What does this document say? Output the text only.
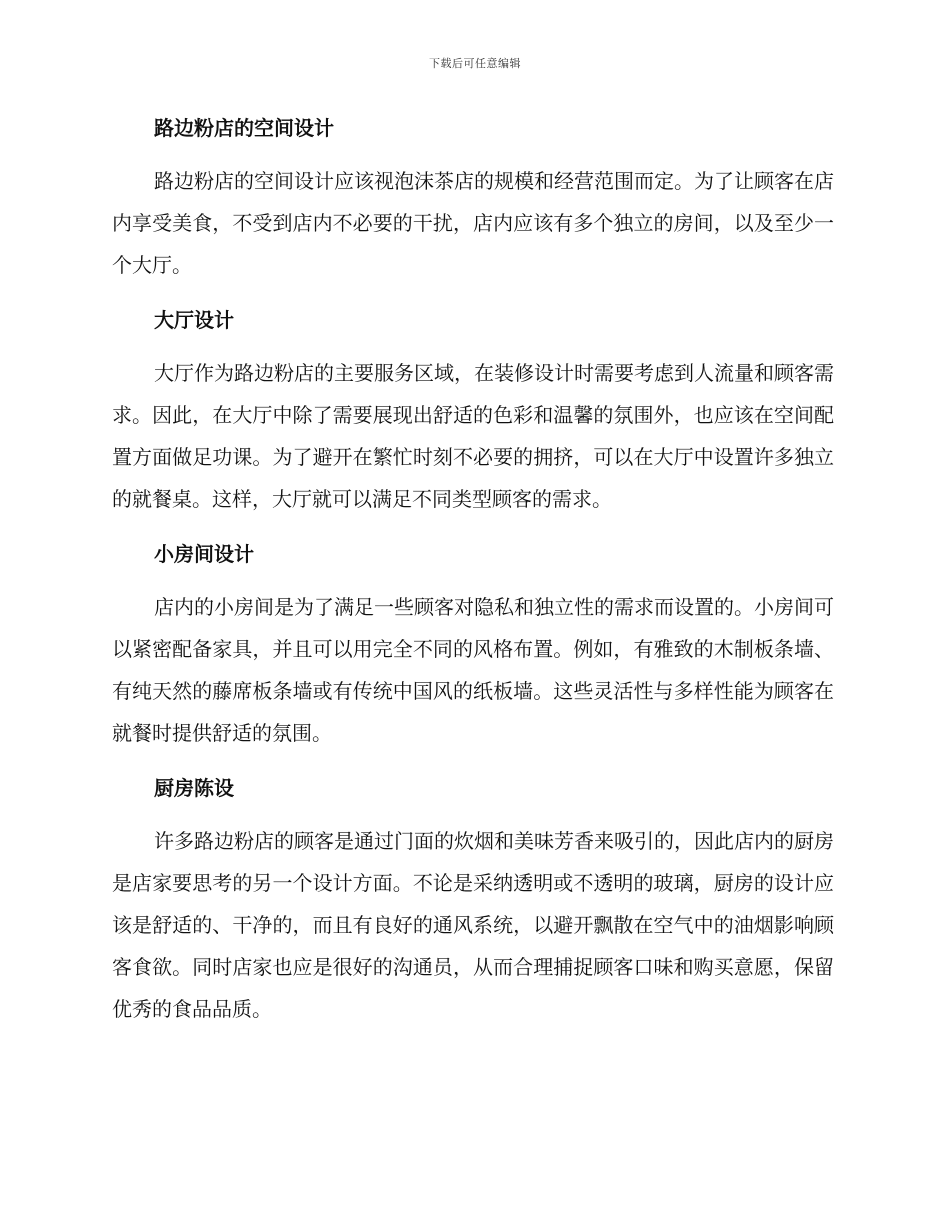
下载后可任意编辑
路边粉店的空间设计

路边粉店的空间设计应该视泡沫茶店的规模和经营范围而定。为了让顾客在店内享受美食，不受到店内不必要的干扰，店内应该有多个独立的房间，以及至少一个大厅。

大厅设计

大厅作为路边粉店的主要服务区域，在装修设计时需要考虑到人流量和顾客需求。因此，在大厅中除了需要展现出舒适的色彩和温馨的氛围外，也应该在空间配置方面做足功课。为了避开在繁忙时刻不必要的拥挤，可以在大厅中设置许多独立的就餐桌。这样，大厅就可以满足不同类型顾客的需求。

小房间设计

店内的小房间是为了满足一些顾客对隐私和独立性的需求而设置的。小房间可以紧密配备家具，并且可以用完全不同的风格布置。例如，有雅致的木制板条墙、有纯天然的藤席板条墙或有传统中国风的纸板墙。这些灵活性与多样性能为顾客在就餐时提供舒适的氛围。

厨房陈设

许多路边粉店的顾客是通过门面的炊烟和美味芳香来吸引的，因此店内的厨房是店家要思考的另一个设计方面。不论是采纳透明或不透明的玻璃，厨房的设计应该是舒适的、干净的，而且有良好的通风系统，以避开飘散在空气中的油烟影响顾客食欲。同时店家也应是很好的沟通员，从而合理捕捉顾客口味和购买意愿，保留优秀的食品品质。
